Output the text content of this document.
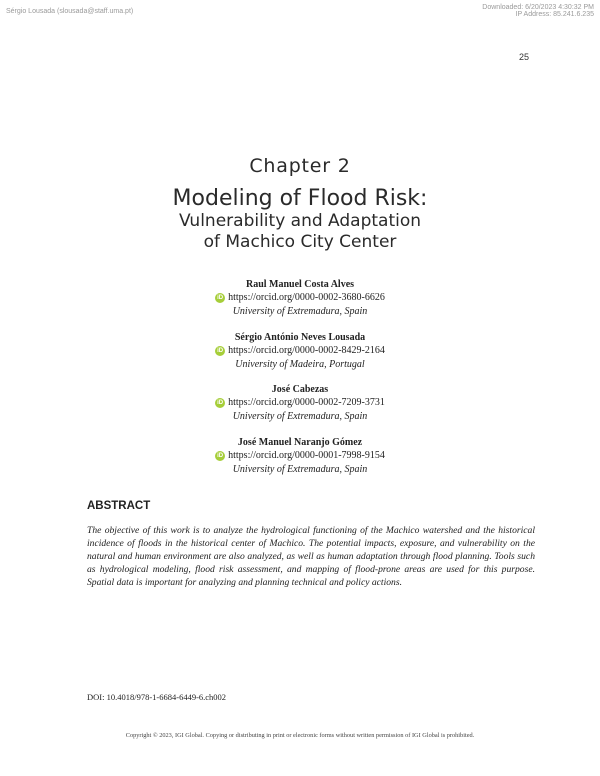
Sérgio Lousada (slousada@staff.uma.pt)
Downloaded: 6/20/2023 4:30:32 PM
IP Address: 85.241.6.235
25
Chapter 2
Modeling of Flood Risk:
Vulnerability and Adaptation
of Machico City Center
Raul Manuel Costa Alves
iD https://orcid.org/0000-0002-3680-6626
University of Extremadura, Spain
Sérgio António Neves Lousada
iD https://orcid.org/0000-0002-8429-2164
University of Madeira, Portugal
José Cabezas
iD https://orcid.org/0000-0002-7209-3731
University of Extremadura, Spain
José Manuel Naranjo Gómez
iD https://orcid.org/0000-0001-7998-9154
University of Extremadura, Spain
ABSTRACT
The objective of this work is to analyze the hydrological functioning of the Machico watershed and the historical incidence of floods in the historical center of Machico. The potential impacts, exposure, and vulnerability on the natural and human environment are also analyzed, as well as human adaptation through flood planning. Tools such as hydrological modeling, flood risk assessment, and mapping of flood-prone areas are used for this purpose. Spatial data is important for analyzing and planning technical and policy actions.
DOI: 10.4018/978-1-6684-6449-6.ch002
Copyright © 2023, IGI Global. Copying or distributing in print or electronic forms without written permission of IGI Global is prohibited.
